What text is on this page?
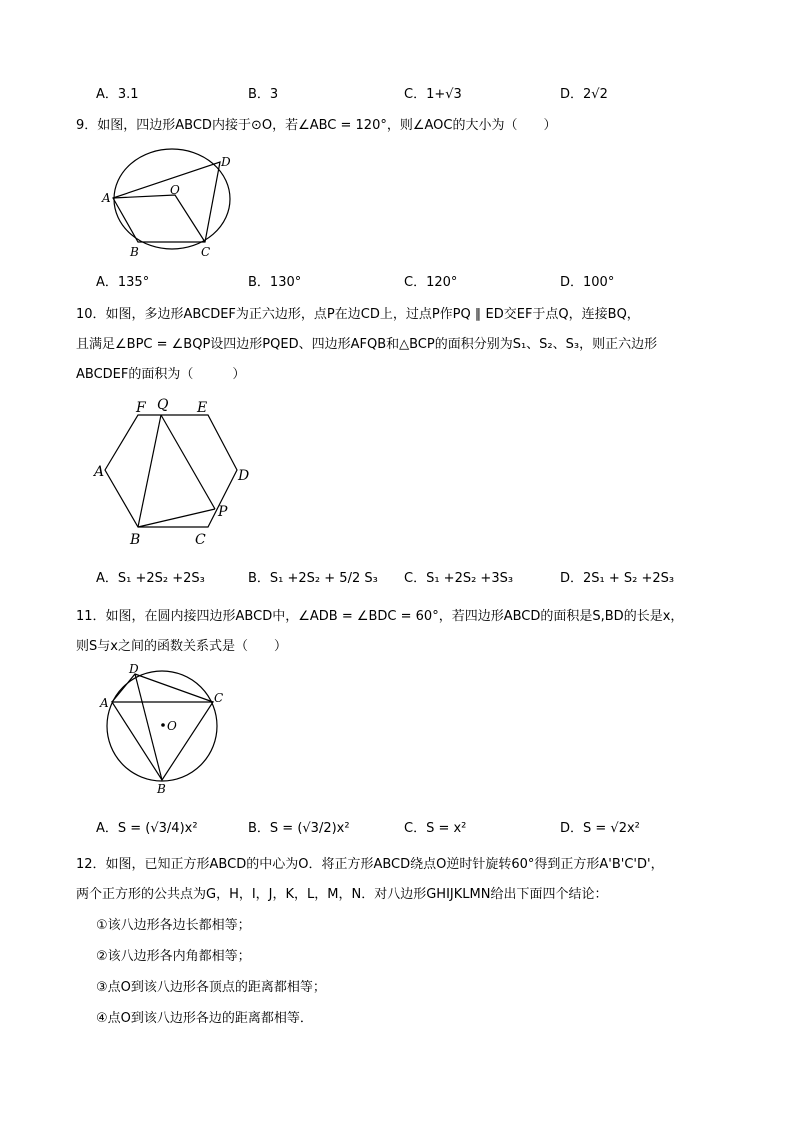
A．3.1	B．3	C．1+√3	D．2√2
9．如图，四边形ABCD内接于⊙O，若∠ABC = 120°，则∠AOC的大小为（　　）
A
B	C
D
O
A．135°	B．130°	C．120°	D．100°
10．如图，多边形ABCDEF为正六边形，点P在边CD上，过点P作PQ ∥ ED交EF于点Q，连接BQ，
且满足∠BPC = ∠BQP设四边形PQED、四边形AFQB和△BCP的面积分别为S₁、S₂、S₃，则正六边形
ABCDEF的面积为（　　　）
A
B	C
D
E
F
P
Q
A．S₁ +2S₂ +2S₃	B．S₁ +2S₂ + 5/2 S₃ C．S₁ +2S₂ +3S₃	D．2S₁ + S₂ +2S₃
11．如图，在圆内接四边形ABCD中，∠ADB = ∠BDC = 60°，若四边形ABCD的面积是S,BD的长是x，
则S与x之间的函数关系式是（　　）
A
B
C
D
O
A．S = (√3/4)x²	B．S = (√3/2)x²	C．S = x²	D．S = √2x²
12．如图，已知正方形ABCD的中心为O．将正方形ABCD绕点O逆时针旋转60°得到正方形A'B'C'D'，
两个正方形的公共点为G，H，I，J，K，L，M，N．对八边形GHIJKLMN给出下面四个结论：
①该八边形各边长都相等；
②该八边形各内角都相等；
③点O到该八边形各顶点的距离都相等；
④点O到该八边形各边的距离都相等．
